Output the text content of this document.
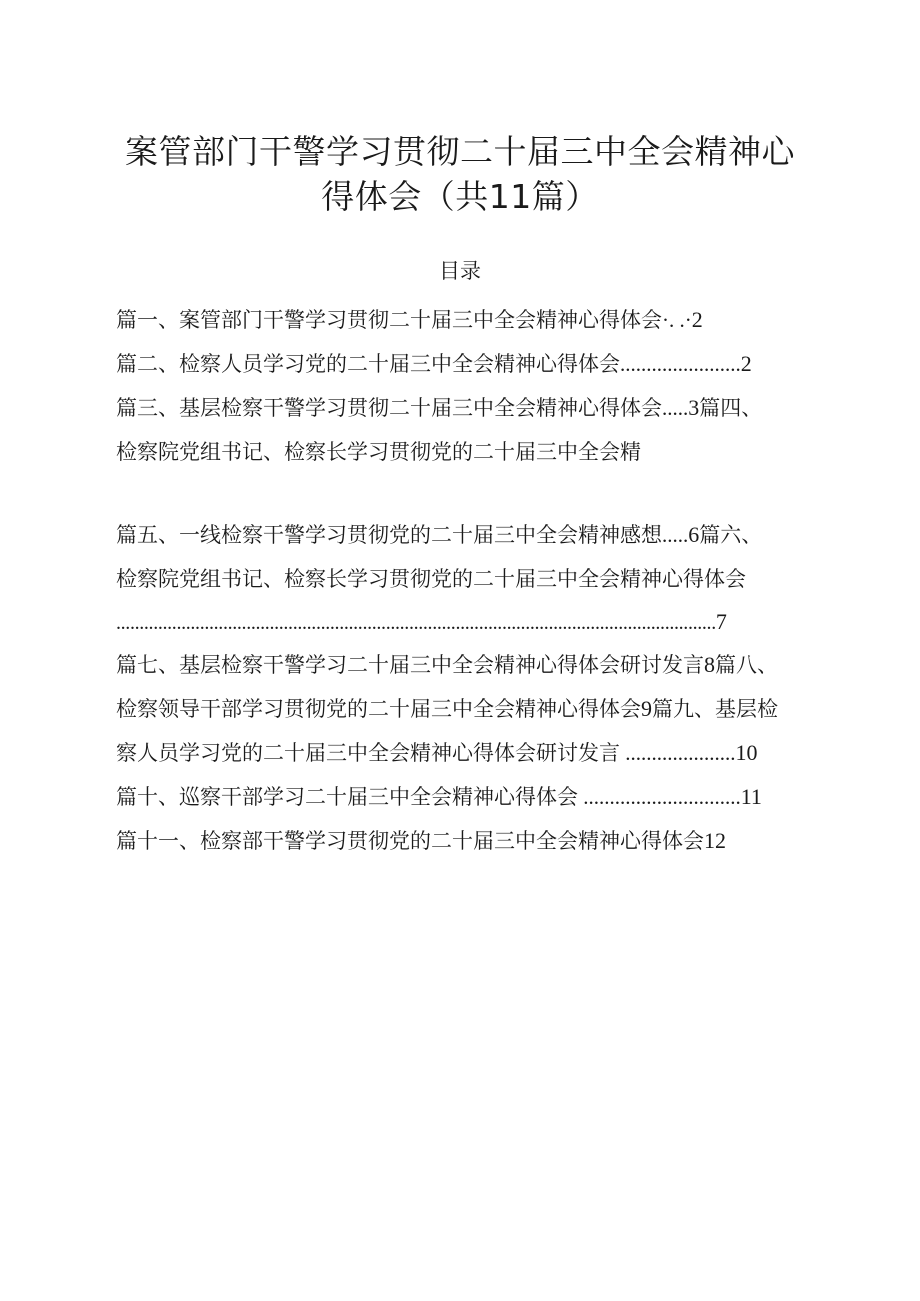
案管部门干警学习贯彻二十届三中全会精神心
得体会（共11篇）
目录
篇一、案管部门干警学习贯彻二十届三中全会精神心得体会·. .·2
篇二、检察人员学习党的二十届三中全会精神心得体会.......................2
篇三、基层检察干警学习贯彻二十届三中全会精神心得体会.....3篇四、
检察院党组书记、检察长学习贯彻党的二十届三中全会精
篇五、一线检察干警学习贯彻党的二十届三中全会精神感想.....6篇六、
检察院党组书记、检察长学习贯彻党的二十届三中全会精神心得体会
.................................................................................................................................7
篇七、基层检察干警学习二十届三中全会精神心得体会研讨发言8篇八、
检察领导干部学习贯彻党的二十届三中全会精神心得体会9篇九、基层检
察人员学习党的二十届三中全会精神心得体会研讨发言 .....................10
篇十、巡察干部学习二十届三中全会精神心得体会 ..............................11
篇十一、检察部干警学习贯彻党的二十届三中全会精神心得体会12
